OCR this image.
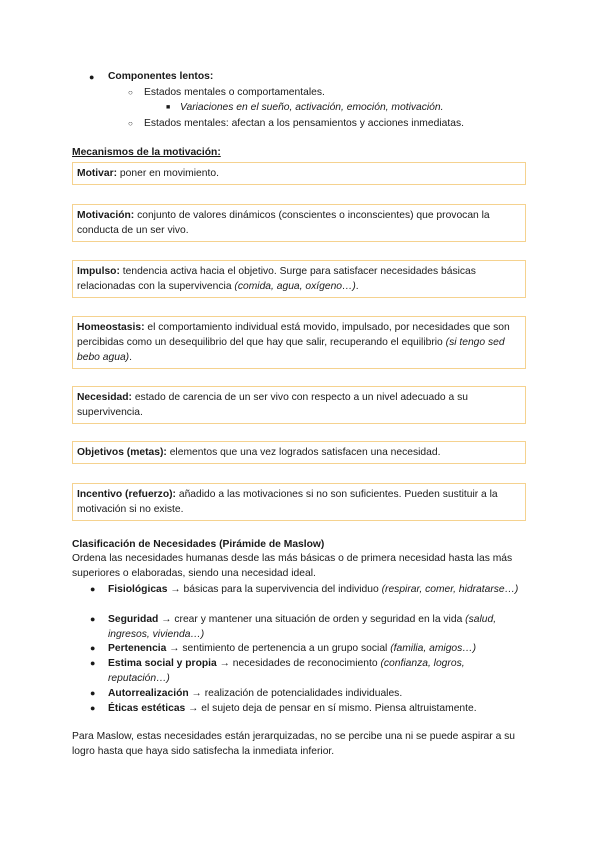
● Componentes lentos:
○ Estados mentales o comportamentales.
■ Variaciones en el sueño, activación, emoción, motivación.
○ Estados mentales: afectan a los pensamientos y acciones inmediatas.
Mecanismos de la motivación:
Motivar: poner en movimiento.
Motivación: conjunto de valores dinámicos (conscientes o inconscientes) que provocan la conducta de un ser vivo.
Impulso: tendencia activa hacia el objetivo. Surge para satisfacer necesidades básicas relacionadas con la supervivencia (comida, agua, oxígeno…).
Homeostasis: el comportamiento individual está movido, impulsado, por necesidades que son percibidas como un desequilibrio del que hay que salir, recuperando el equilibrio (si tengo sed bebo agua).
Necesidad: estado de carencia de un ser vivo con respecto a un nivel adecuado a su supervivencia.
Objetivos (metas): elementos que una vez logrados satisfacen una necesidad.
Incentivo (refuerzo): añadido a las motivaciones si no son suficientes. Pueden sustituir a la motivación si no existe.
Clasificación de Necesidades (Pirámide de Maslow)
Ordena las necesidades humanas desde las más básicas o de primera necesidad hasta las más superiores o elaboradas, siendo una necesidad ideal.
● Fisiológicas → básicas para la supervivencia del individuo (respirar, comer, hidratarse…)
● Seguridad → crear y mantener una situación de orden y seguridad en la vida (salud, ingresos, vivienda…)
● Pertenencia → sentimiento de pertenencia a un grupo social (familia, amigos…)
● Estima social y propia → necesidades de reconocimiento (confianza, logros, reputación…)
● Autorrealización → realización de potencialidades individuales.
● Éticas estéticas → el sujeto deja de pensar en sí mismo. Piensa altruistamente.
Para Maslow, estas necesidades están jerarquizadas, no se percibe una ni se puede aspirar a su logro hasta que haya sido satisfecha la inmediata inferior.
